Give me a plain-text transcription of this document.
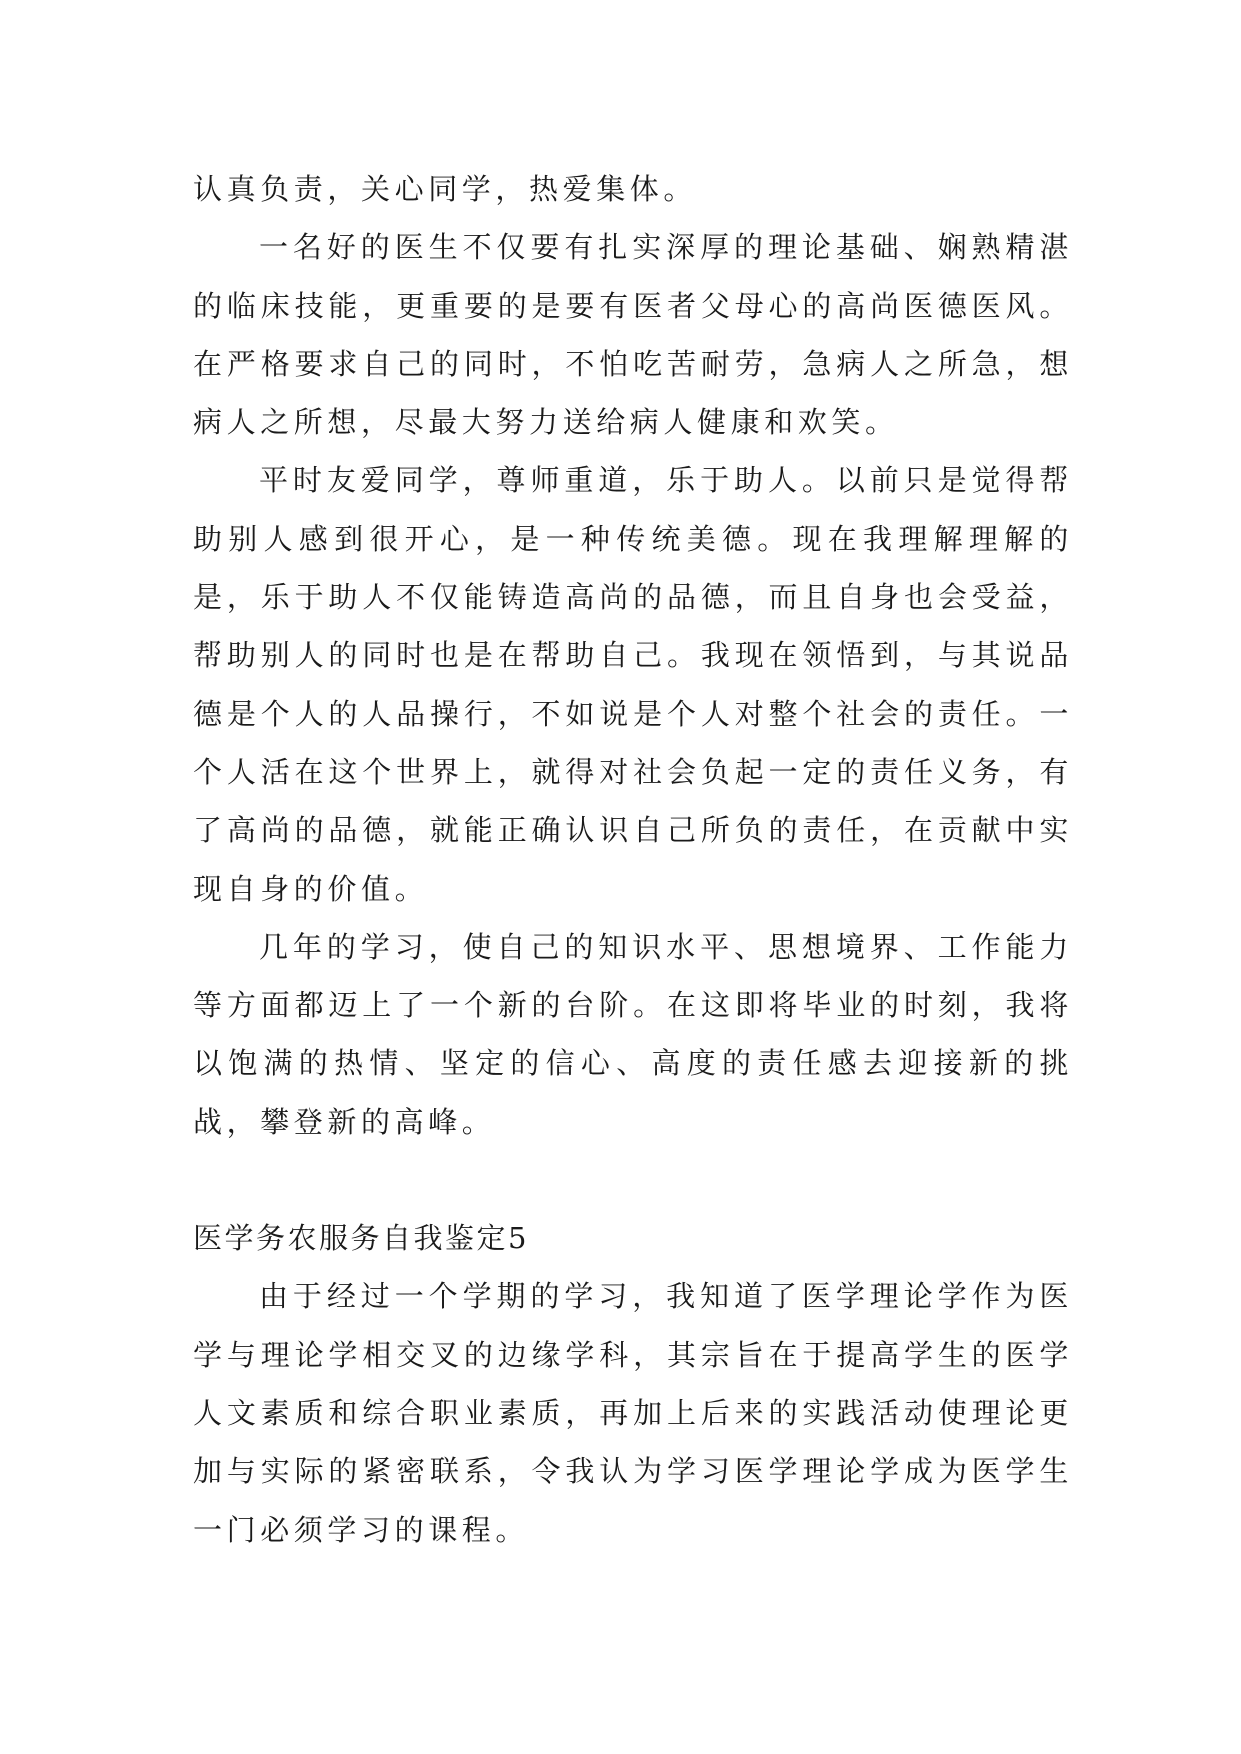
认真负责，关心同学，热爱集体。

一名好的医生不仅要有扎实深厚的理论基础、娴熟精湛的临床技能，更重要的是要有医者父母心的高尚医德医风。在严格要求自己的同时，不怕吃苦耐劳，急病人之所急，想病人之所想，尽最大努力送给病人健康和欢笑。

平时友爱同学，尊师重道，乐于助人。以前只是觉得帮助别人感到很开心，是一种传统美德。现在我理解理解的是，乐于助人不仅能铸造高尚的品德，而且自身也会受益，帮助别人的同时也是在帮助自己。我现在领悟到，与其说品德是个人的人品操行，不如说是个人对整个社会的责任。一个人活在这个世界上，就得对社会负起一定的责任义务，有了高尚的品德，就能正确认识自己所负的责任，在贡献中实现自身的价值。

几年的学习，使自己的知识水平、思想境界、工作能力等方面都迈上了一个新的台阶。在这即将毕业的时刻，我将以饱满的热情、坚定的信心、高度的责任感去迎接新的挑战，攀登新的高峰。

医学务农服务自我鉴定5

由于经过一个学期的学习，我知道了医学理论学作为医学与理论学相交叉的边缘学科，其宗旨在于提高学生的医学人文素质和综合职业素质，再加上后来的实践活动使理论更加与实际的紧密联系，令我认为学习医学理论学成为医学生一门必须学习的课程。
